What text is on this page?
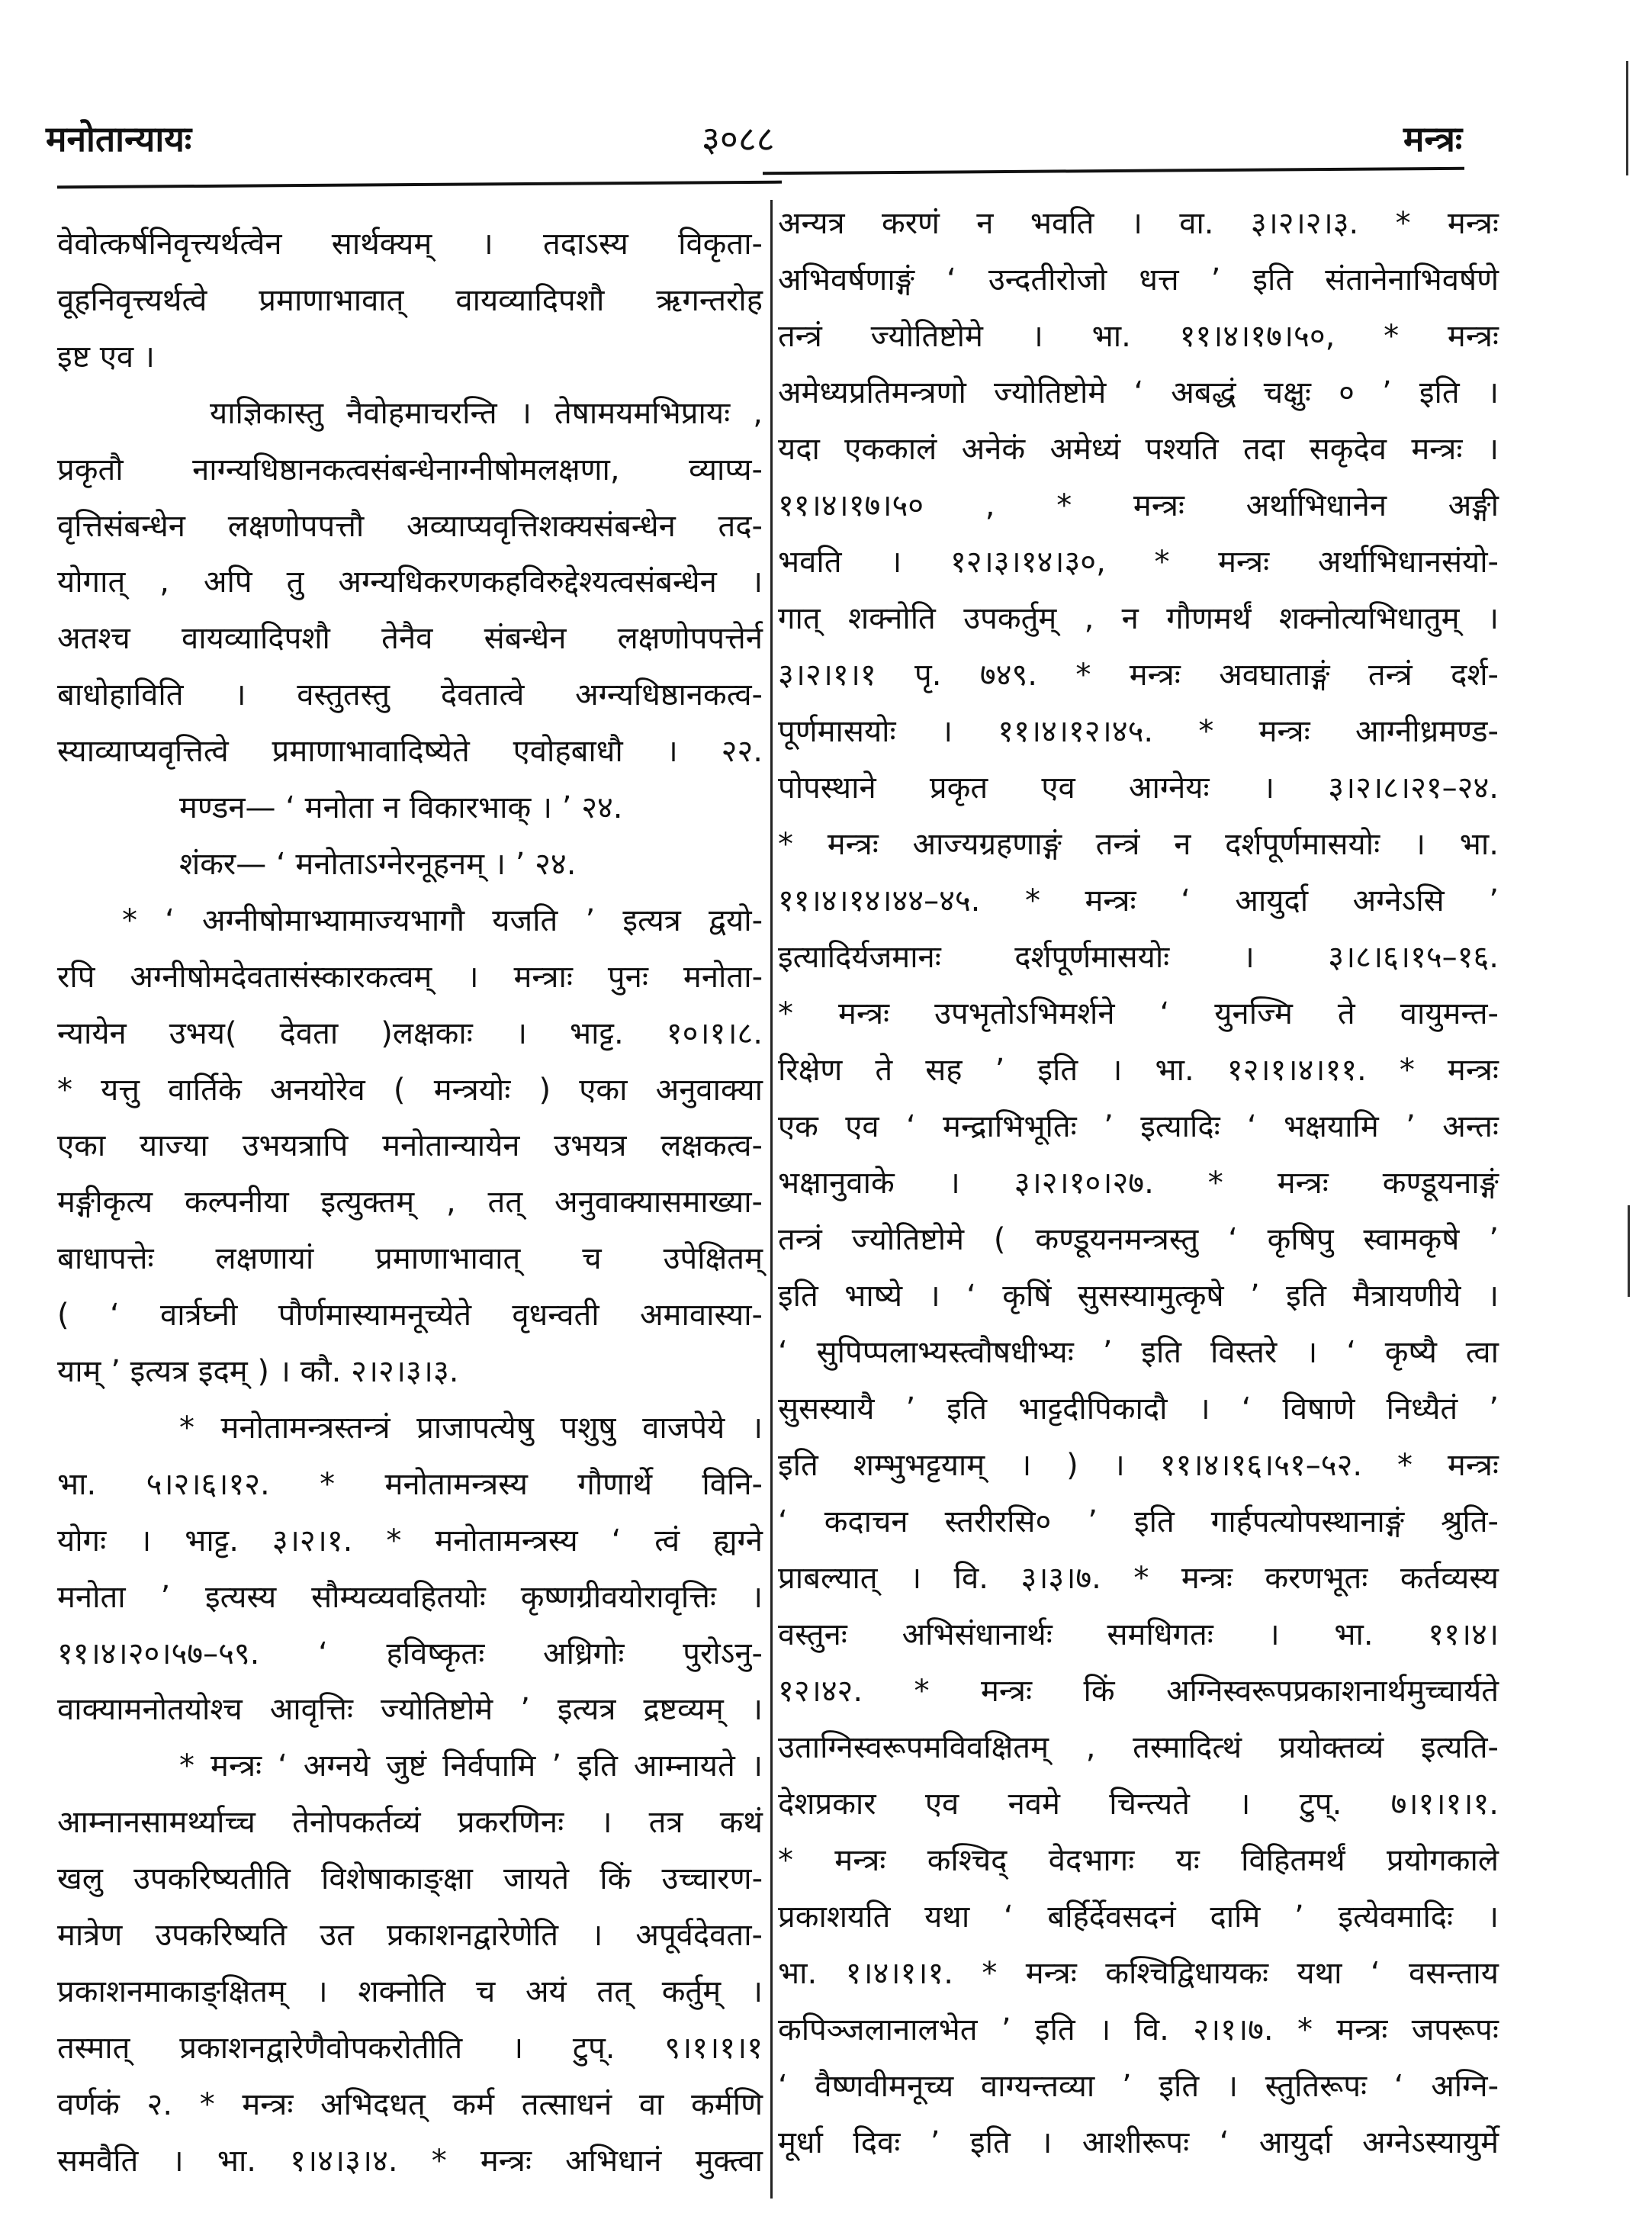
मनोतान्यायः	३०८८	मन्त्रः
वेवोत्कर्षनिवृत्त्यर्थत्वेन सार्थक्यम् । तदाऽस्य विकृता-
वूहनिवृत्त्यर्थत्वे प्रमाणाभावात् वायव्यादिपशौ ऋगन्तरोह
इष्ट एव ।
याज्ञिकास्तु नैवोहमाचरन्ति । तेषामयमभिप्रायः ,
प्रकृतौ नाग्न्यधिष्ठानकत्वसंबन्धेनाग्नीषोमलक्षणा, व्याप्य-
वृत्तिसंबन्धेन लक्षणोपपत्तौ अव्याप्यवृत्तिशक्यसंबन्धेन तद-
योगात् , अपि तु अग्न्यधिकरणकहविरुद्देश्यत्वसंबन्धेन ।
अतश्च वायव्यादिपशौ तेनैव संबन्धेन लक्षणोपपत्तेर्न
बाधोहाविति । वस्तुतस्तु देवतात्वे अग्न्यधिष्ठानकत्व-
स्याव्याप्यवृत्तित्वे प्रमाणाभावादिष्येते एवोहबाधौ । २२.
मण्डन— ‘ मनोता न विकारभाक् । ’ २४.
शंकर— ‘ मनोताऽग्नेरनूहनम् । ’ २४.
* ‘ अग्नीषोमाभ्यामाज्यभागौ यजति ’ इत्यत्र द्वयो-
रपि अग्नीषोमदेवतासंस्कारकत्वम् । मन्त्राः पुनः मनोता-
न्यायेन उभय( देवता )लक्षकाः । भाट्ट. १०।१।८.
* यत्तु वार्तिके अनयोरेव ( मन्त्रयोः ) एका अनुवाक्या
एका याज्या उभयत्रापि मनोतान्यायेन उभयत्र लक्षकत्व-
मङ्गीकृत्य कल्पनीया इत्युक्तम् , तत् अनुवाक्यासमाख्या-
बाधापत्तेः लक्षणायां प्रमाणाभावात् च उपेक्षितम्
( ‘ वार्त्रघ्नी पौर्णमास्यामनूच्येते वृधन्वती अमावास्या-
याम् ’ इत्यत्र इदम् ) । कौ. २।२।३।३.
* मनोतामन्त्रस्तन्त्रं प्राजापत्येषु पशुषु वाजपेये ।
भा. ५।२।६।१२. * मनोतामन्त्रस्य गौणार्थे विनि-
योगः । भाट्ट. ३।२।१. * मनोतामन्त्रस्य ‘ त्वं ह्यग्ने
मनोता ’ इत्यस्य सौम्यव्यवहितयोः कृष्णग्रीवयोरावृत्तिः ।
११।४।२०।५७–५९. ‘ हविष्कृतः अध्रिगोः पुरोऽनु-
वाक्यामनोतयोश्च आवृत्तिः ज्योतिष्टोमे ’ इत्यत्र द्रष्टव्यम् ।
* मन्त्रः ‘ अग्नये जुष्टं निर्वपामि ’ इति आम्नायते ।
आम्नानसामर्थ्याच्च तेनोपकर्तव्यं प्रकरणिनः । तत्र कथं
खलु उपकरिष्यतीति विशेषाकाङ्क्षा जायते किं उच्चारण-
मात्रेण उपकरिष्यति उत प्रकाशनद्वारेणेति । अपूर्वदेवता-
प्रकाशनमाकाङ्क्षितम् । शक्नोति च अयं तत् कर्तुम् ।
तस्मात् प्रकाशनद्वारेणैवोपकरोतीति । टुप्. ९।१।१।१
वर्णकं २. * मन्त्रः अभिदधत् कर्म तत्साधनं वा कर्मणि
समवैति । भा. १।४।३।४. * मन्त्रः अभिधानं मुक्त्वा
अन्यत्र करणं न भवति । वा. ३।२।२।३. * मन्त्रः
अभिवर्षणाङ्गं ‘ उन्दतीरोजो धत्त ’ इति संतानेनाभिवर्षणे
तन्त्रं ज्योतिष्टोमे । भा. ११।४।१७।५०, * मन्त्रः
अमेध्यप्रतिमन्त्रणो ज्योतिष्टोमे ‘ अबद्धं चक्षुः ० ’ इति ।
यदा एककालं अनेकं अमेध्यं पश्यति तदा सकृदेव मन्त्रः ।
११।४।१७।५० , * मन्त्रः अर्थाभिधानेन अङ्गी
भवति । १२।३।१४।३०, * मन्त्रः अर्थाभिधानसंयो-
गात् शक्नोति उपकर्तुम् , न गौणमर्थं शक्नोत्यभिधातुम् ।
३।२।१।१ पृ. ७४९. * मन्त्रः अवघाताङ्गं तन्त्रं दर्श-
पूर्णमासयोः । ११।४।१२।४५. * मन्त्रः आग्नीध्रमण्ड-
पोपस्थाने प्रकृत एव आग्नेयः । ३।२।८।२१–२४.
* मन्त्रः आज्यग्रहणाङ्गं तन्त्रं न दर्शपूर्णमासयोः । भा.
११।४।१४।४४–४५. * मन्त्रः ‘ आयुर्दा अग्नेऽसि ’
इत्यादिर्यजमानः दर्शपूर्णमासयोः । ३।८।६।१५–१६.
* मन्त्रः उपभृतोऽभिमर्शने ‘ युनज्मि ते वायुमन्त-
रिक्षेण ते सह ’ इति । भा. १२।१।४।११. * मन्त्रः
एक एव ‘ मन्द्राभिभूतिः ’ इत्यादिः ‘ भक्षयामि ’ अन्तः
भक्षानुवाके । ३।२।१०।२७. * मन्त्रः कण्डूयनाङ्गं
तन्त्रं ज्योतिष्टोमे ( कण्डूयनमन्त्रस्तु ‘ कृषिपु स्वामकृषे ’
इति भाष्ये । ‘ कृषिं सुसस्यामुत्कृषे ’ इति मैत्रायणीये ।
‘ सुपिप्पलाभ्यस्त्वौषधीभ्यः ’ इति विस्तरे । ‘ कृष्यै त्वा
सुसस्यायै ’ इति भाट्टदीपिकादौ । ‘ विषाणे निध्यैतं ’
इति शम्भुभट्टयाम् । ) । ११।४।१६।५१–५२. * मन्त्रः
‘ कदाचन स्तरीरसि० ’ इति गार्हपत्योपस्थानाङ्गं श्रुति-
प्राबल्यात् । वि. ३।३।७. * मन्त्रः करणभूतः कर्तव्यस्य
वस्तुनः अभिसंधानार्थः समधिगतः । भा. ११।४।
१२।४२. * मन्त्रः किं अग्निस्वरूपप्रकाशनार्थमुच्चार्यते
उताग्निस्वरूपमविवक्षितम् , तस्मादित्थं प्रयोक्तव्यं इत्यति-
देशप्रकार एव नवमे चिन्त्यते । टुप्. ७।१।१।१.
* मन्त्रः कश्चिद् वेदभागः यः विहितमर्थं प्रयोगकाले
प्रकाशयति यथा ‘ बर्हिर्देवसदनं दामि ’ इत्येवमादिः ।
भा. १।४।१।१. * मन्त्रः कश्चिद्विधायकः यथा ‘ वसन्ताय
कपिञ्जलानालभेत ’ इति । वि. २।१।७. * मन्त्रः जपरूपः
‘ वैष्णवीमनूच्य वाग्यन्तव्या ’ इति । स्तुतिरूपः ‘ अग्नि-
मूर्धा दिवः ’ इति । आशीरूपः ‘ आयुर्दा अग्नेऽस्यायुर्मे
